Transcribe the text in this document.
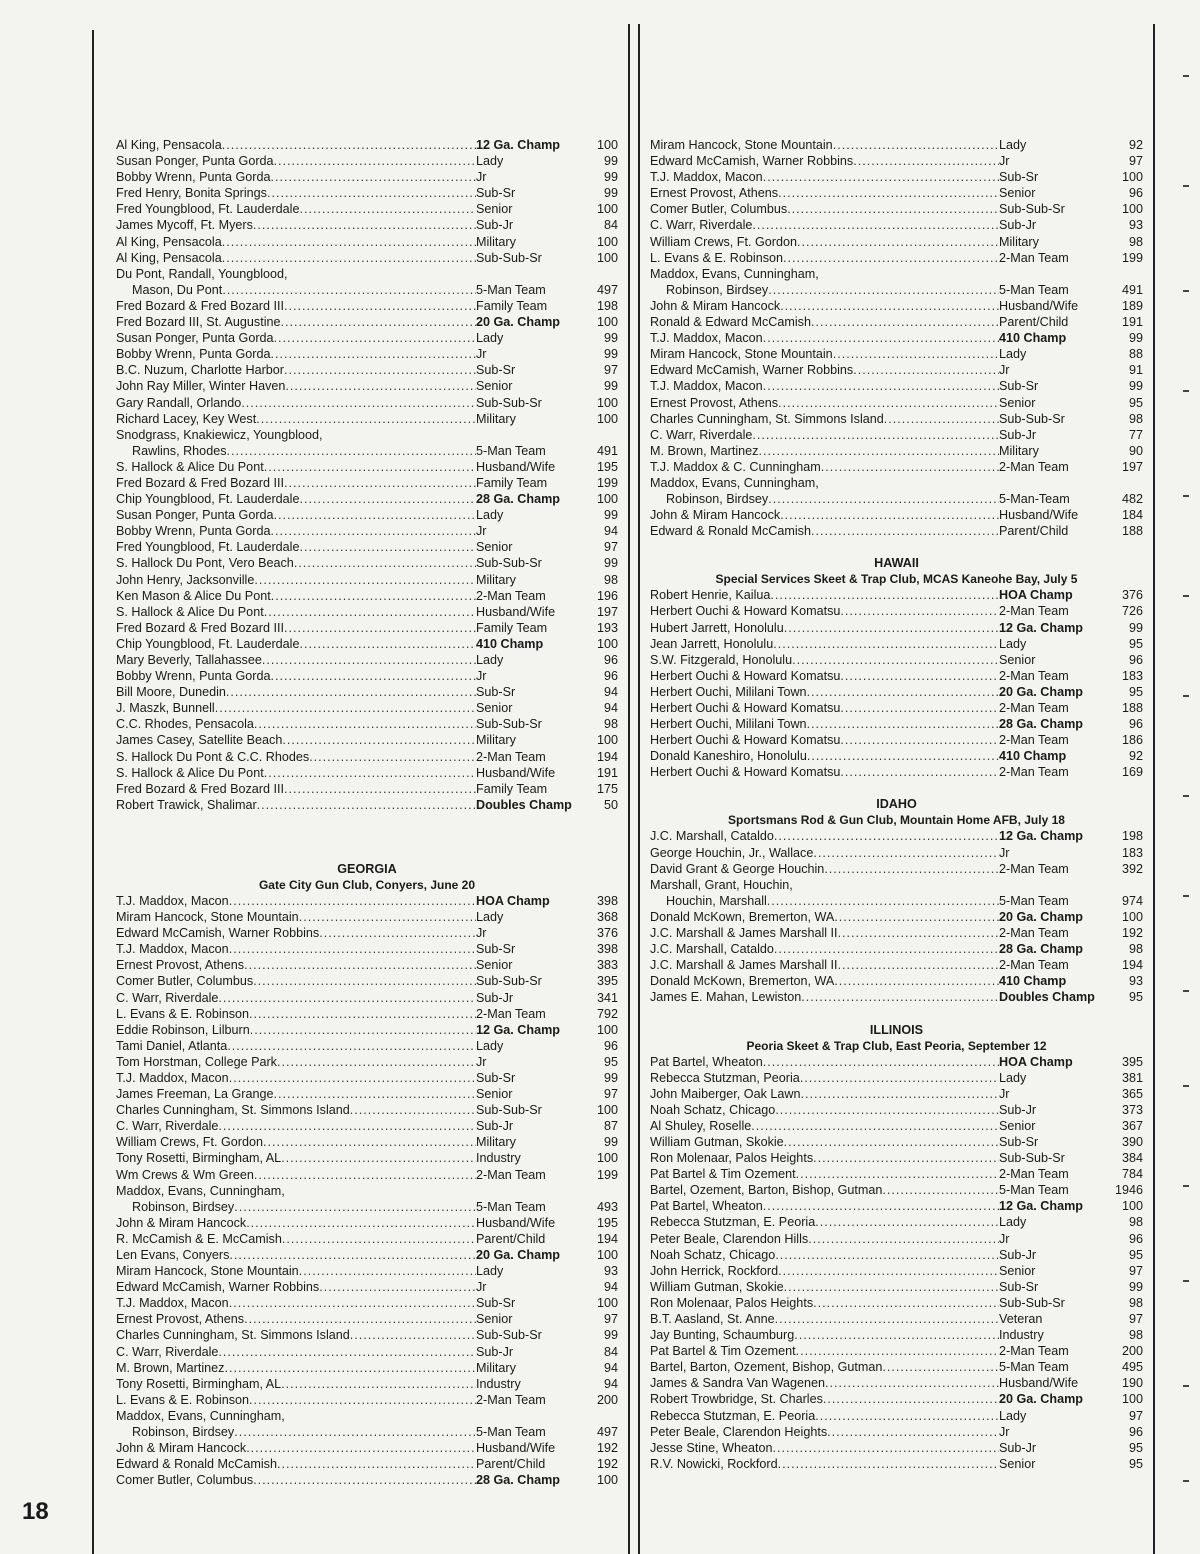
Al King, Pensacola .....	12 Ga. Champ	100
Susan Ponger, Punta Gorda .....	Lady	99
Bobby Wrenn, Punta Gorda .....	Jr	99
Fred Henry, Bonita Springs .....	Sub-Sr	99
Fred Youngblood, Ft. Lauderdale .....	Senior	100
James Mycoff, Ft. Myers .....	Sub-Jr	84
Al King, Pensacola .....	Military	100
Al King, Pensacola .....	Sub-Sub-Sr	100
Du Pont, Randall, Youngblood,
Mason, Du Pont .....	5-Man Team	497
Fred Bozard & Fred Bozard III .....	Family Team	198
Fred Bozard III, St. Augustine .....	20 Ga. Champ	100
Susan Ponger, Punta Gorda .....	Lady	99
Bobby Wrenn, Punta Gorda .....	Jr	99
B.C. Nuzum, Charlotte Harbor .....	Sub-Sr	97
John Ray Miller, Winter Haven .....	Senior	99
Gary Randall, Orlando .....	Sub-Sub-Sr	100
Richard Lacey, Key West .....	Military	100
Snodgrass, Knakiewicz, Youngblood,
Rawlins, Rhodes .....	5-Man Team	491
S. Hallock & Alice Du Pont .....	Husband/Wife	195
Fred Bozard & Fred Bozard III .....	Family Team	199
Chip Youngblood, Ft. Lauderdale .....	28 Ga. Champ	100
Susan Ponger, Punta Gorda .....	Lady	99
Bobby Wrenn, Punta Gorda .....	Jr	94
Fred Youngblood, Ft. Lauderdale .....	Senior	97
S. Hallock Du Pont, Vero Beach .....	Sub-Sub-Sr	99
John Henry, Jacksonville .....	Military	98
Ken Mason & Alice Du Pont .....	2-Man Team	196
S. Hallock & Alice Du Pont .....	Husband/Wife	197
Fred Bozard & Fred Bozard III .....	Family Team	193
Chip Youngblood, Ft. Lauderdale .....	410 Champ	100
Mary Beverly, Tallahassee .....	Lady	96
Bobby Wrenn, Punta Gorda .....	Jr	96
Bill Moore, Dunedin .....	Sub-Sr	94
J. Maszk, Bunnell .....	Senior	94
C.C. Rhodes, Pensacola .....	Sub-Sub-Sr	98
James Casey, Satellite Beach .....	Military	100
S. Hallock Du Pont & C.C. Rhodes .....	2-Man Team	194
S. Hallock & Alice Du Pont .....	Husband/Wife	191
Fred Bozard & Fred Bozard III .....	Family Team	175
Robert Trawick, Shalimar .....	Doubles Champ	50
GEORGIA
Gate City Gun Club, Conyers, June 20
T.J. Maddox, Macon .....	HOA Champ	398
Miram Hancock, Stone Mountain .....	Lady	368
Edward McCamish, Warner Robbins .....	Jr	376
T.J. Maddox, Macon .....	Sub-Sr	398
Ernest Provost, Athens .....	Senior	383
Comer Butler, Columbus .....	Sub-Sub-Sr	395
C. Warr, Riverdale .....	Sub-Jr	341
L. Evans & E. Robinson .....	2-Man Team	792
Eddie Robinson, Lilburn .....	12 Ga. Champ	100
Tami Daniel, Atlanta .....	Lady	96
Tom Horstman, College Park .....	Jr	95
T.J. Maddox, Macon .....	Sub-Sr	99
James Freeman, La Grange .....	Senior	97
Charles Cunningham, St. Simmons Island .....	Sub-Sub-Sr	100
C. Warr, Riverdale .....	Sub-Jr	87
William Crews, Ft. Gordon .....	Military	99
Tony Rosetti, Birmingham, AL .....	Industry	100
Wm Crews & Wm Green .....	2-Man Team	199
Maddox, Evans, Cunningham,
Robinson, Birdsey .....	5-Man Team	493
John & Miram Hancock .....	Husband/Wife	195
R. McCamish & E. McCamish .....	Parent/Child	194
Len Evans, Conyers .....	20 Ga. Champ	100
Miram Hancock, Stone Mountain .....	Lady	93
Edward McCamish, Warner Robbins .....	Jr	94
T.J. Maddox, Macon .....	Sub-Sr	100
Ernest Provost, Athens .....	Senior	97
Charles Cunningham, St. Simmons Island .....	Sub-Sub-Sr	99
C. Warr, Riverdale .....	Sub-Jr	84
M. Brown, Martinez .....	Military	94
Tony Rosetti, Birmingham, AL .....	Industry	94
L. Evans & E. Robinson .....	2-Man Team	200
Maddox, Evans, Cunningham,
Robinson, Birdsey .....	5-Man Team	497
John & Miram Hancock .....	Husband/Wife	192
Edward & Ronald McCamish .....	Parent/Child	192
Comer Butler, Columbus .....	28 Ga. Champ	100
Miram Hancock, Stone Mountain .....	Lady	92
Edward McCamish, Warner Robbins .....	Jr	97
T.J. Maddox, Macon .....	Sub-Sr	100
Ernest Provost, Athens .....	Senior	96
Comer Butler, Columbus .....	Sub-Sub-Sr	100
C. Warr, Riverdale .....	Sub-Jr	93
William Crews, Ft. Gordon .....	Military	98
L. Evans & E. Robinson .....	2-Man Team	199
Maddox, Evans, Cunningham,
Robinson, Birdsey .....	5-Man Team	491
John & Miram Hancock .....	Husband/Wife	189
Ronald & Edward McCamish .....	Parent/Child	191
T.J. Maddox, Macon .....	410 Champ	99
Miram Hancock, Stone Mountain .....	Lady	88
Edward McCamish, Warner Robbins .....	Jr	91
T.J. Maddox, Macon .....	Sub-Sr	99
Ernest Provost, Athens .....	Senior	95
Charles Cunningham, St. Simmons Island .....	Sub-Sub-Sr	98
C. Warr, Riverdale .....	Sub-Jr	77
M. Brown, Martinez .....	Military	90
T.J. Maddox & C. Cunningham .....	2-Man Team	197
Maddox, Evans, Cunningham,
Robinson, Birdsey .....	5-Man-Team	482
John & Miram Hancock .....	Husband/Wife	184
Edward & Ronald McCamish .....	Parent/Child	188
HAWAII
Special Services Skeet & Trap Club, MCAS Kaneohe Bay, July 5
Robert Henrie, Kailua .....	HOA Champ	376
Herbert Ouchi & Howard Komatsu .....	2-Man Team	726
Hubert Jarrett, Honolulu .....	12 Ga. Champ	99
Jean Jarrett, Honolulu .....	Lady	95
S.W. Fitzgerald, Honolulu .....	Senior	96
Herbert Ouchi & Howard Komatsu .....	2-Man Team	183
Herbert Ouchi, Mililani Town .....	20 Ga. Champ	95
Herbert Ouchi & Howard Komatsu .....	2-Man Team	188
Herbert Ouchi, Mililani Town .....	28 Ga. Champ	96
Herbert Ouchi & Howard Komatsu .....	2-Man Team	186
Donald Kaneshiro, Honolulu .....	410 Champ	92
Herbert Ouchi & Howard Komatsu .....	2-Man Team	169
IDAHO
Sportsmans Rod & Gun Club, Mountain Home AFB, July 18
J.C. Marshall, Cataldo .....	12 Ga. Champ	198
George Houchin, Jr., Wallace .....	Jr	183
David Grant & George Houchin .....	2-Man Team	392
Marshall, Grant, Houchin,
Houchin, Marshall .....	5-Man Team	974
Donald McKown, Bremerton, WA .....	20 Ga. Champ	100
J.C. Marshall & James Marshall II .....	2-Man Team	192
J.C. Marshall, Cataldo .....	28 Ga. Champ	98
J.C. Marshall & James Marshall II .....	2-Man Team	194
Donald McKown, Bremerton, WA .....	410 Champ	93
James E. Mahan, Lewiston .....	Doubles Champ	95
ILLINOIS
Peoria Skeet & Trap Club, East Peoria, September 12
Pat Bartel, Wheaton .....	HOA Champ	395
Rebecca Stutzman, Peoria .....	Lady	381
John Maiberger, Oak Lawn .....	Jr	365
Noah Schatz, Chicago .....	Sub-Jr	373
Al Shuley, Roselle .....	Senior	367
William Gutman, Skokie .....	Sub-Sr	390
Ron Molenaar, Palos Heights .....	Sub-Sub-Sr	384
Pat Bartel & Tim Ozement .....	2-Man Team	784
Bartel, Ozement, Barton, Bishop, Gutman .....	5-Man Team	1946
Pat Bartel, Wheaton .....	12 Ga. Champ	100
Rebecca Stutzman, E. Peoria .....	Lady	98
Peter Beale, Clarendon Hills .....	Jr	96
Noah Schatz, Chicago .....	Sub-Jr	95
John Herrick, Rockford .....	Senior	97
William Gutman, Skokie .....	Sub-Sr	99
Ron Molenaar, Palos Heights .....	Sub-Sub-Sr	98
B.T. Aasland, St. Anne .....	Veteran	97
Jay Bunting, Schaumburg .....	Industry	98
Pat Bartel & Tim Ozement .....	2-Man Team	200
Bartel, Barton, Ozement, Bishop, Gutman .....	5-Man Team	495
James & Sandra Van Wagenen .....	Husband/Wife	190
Robert Trowbridge, St. Charles .....	20 Ga. Champ	100
Rebecca Stutzman, E. Peoria .....	Lady	97
Peter Beale, Clarendon Heights .....	Jr	96
Jesse Stine, Wheaton .....	Sub-Jr	95
R.V. Nowicki, Rockford .....	Senior	95
18
